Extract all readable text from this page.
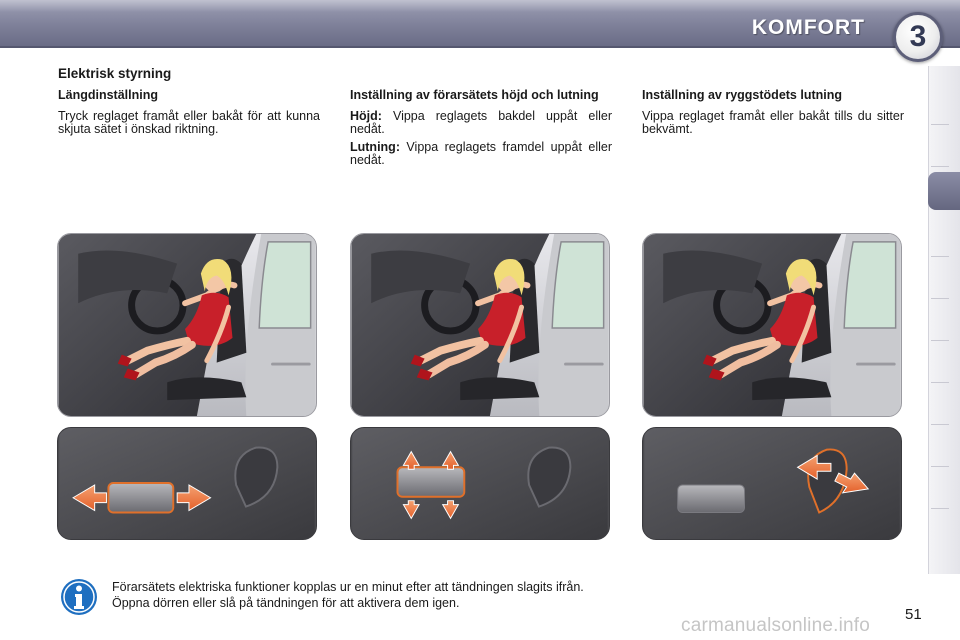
KOMFORT 3
Elektrisk styrning
Längdinställning

Tryck reglaget framåt eller bakåt för att kunna skjuta sätet i önskad riktning.

Inställning av förarsätets höjd och lutning

Höjd: Vippa reglagets bakdel uppåt eller nedåt.

Lutning: Vippa reglagets framdel uppåt eller nedåt.

Inställning av ryggstödets lutning

Vippa reglaget framåt eller bakåt tills du sitter bekvämt.

Förarsätets elektriska funktioner kopplas ur en minut efter att tändningen slagits ifrån.
Öppna dörren eller slå på tändningen för att aktivera dem igen.
51
carmanualsonline.info
